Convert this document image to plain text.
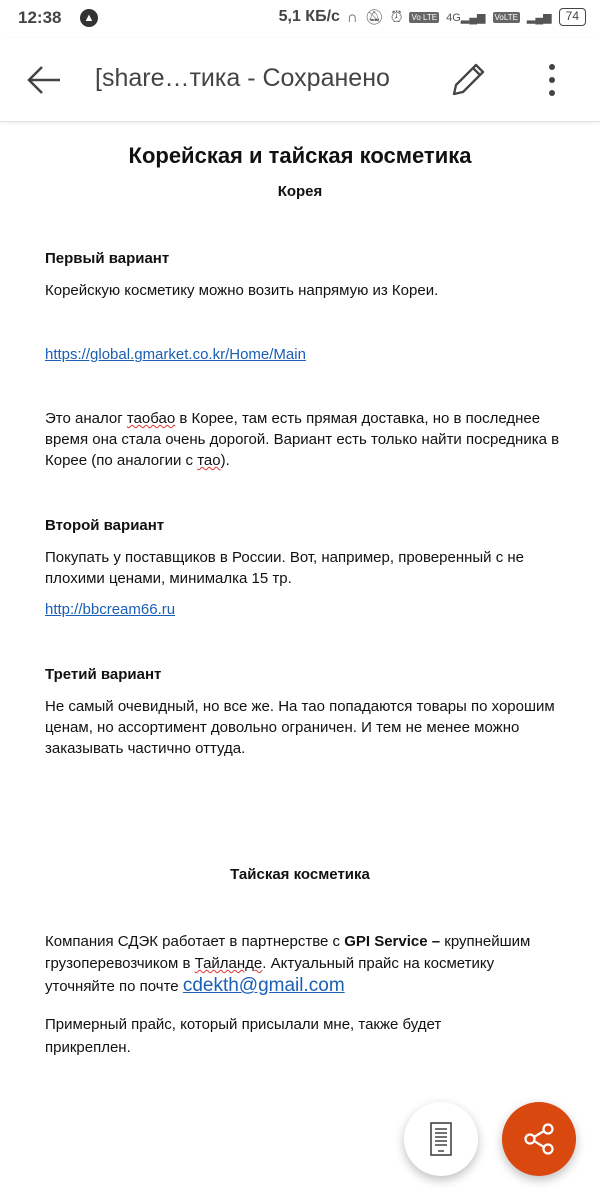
12:38	▲	5,1 КБ/с ∩ 🔕︎ ⏰︎ Vo LTE 4G▂▄▆ VoLTE ▂▄▆	74
[share…тика - Сохранено
Корейская и тайская косметика
Корея
Первый вариант
Корейскую косметику можно возить напрямую из Кореи.
https://global.gmarket.co.kr/Home/Main
Это аналог таобао в Корее, там есть прямая доставка, но в последнее время она стала очень дорогой. Вариант есть только найти посредника в Корее (по аналогии с тао).
Второй вариант
Покупать у поставщиков в России. Вот, например, проверенный с не плохими ценами, минималка 15 тр.
http://bbcream66.ru
Третий вариант
Не самый очевидный, но все же. На тао попадаются товары по хорошим ценам, но ассортимент довольно ограничен. И тем не менее можно заказывать частично оттуда.
Тайская косметика
Компания СДЭК работает в партнерстве с GPI Service – крупнейшим грузоперевозчиком в Тайланде. Актуальный прайс на косметику уточняйте по почте cdekth@gmail.com
Примерный прайс, который присылали мне, также будет прикреплен.
